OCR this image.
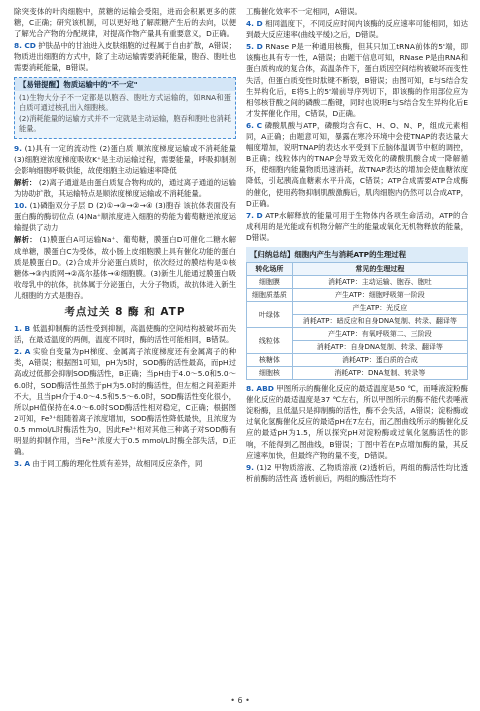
除突变体的叶肉细胞中，蔗糖的运输会受阻，进而会积累更多的蔗糖，C正确；研究该机制，可以更好地了解蔗糖产生后的去向，以便了解光合产物的分配规律，对提高作物产量具有重要意义，D正确。

8. CD 护肤品中的甘油进入皮肤细胞的过程属于自由扩散，A错误；物质进出细胞的方式中，除了主动运输需要消耗能量，胞吞、胞吐也需要消耗能量，B错误。

【易错提醒】物质运输中的"不一定"
(1)生物大分子不一定都是以胞吞、胞吐方式运输的，如RNA和蛋白质可通过核孔出入细胞核。
(2)消耗能量的运输方式并不一定就是主动运输，胞吞和胞吐也消耗能量。

9. (1)具有一定的流动性 (2)蛋白质 顺浓度梯度运输或不消耗能量 (3)细胞逆浓度梯度吸收K⁺是主动运输过程，需要能量，呼吸抑制剂会影响细胞呼吸供能，故使细胞主动运输速率降低

解析： (2)离子通道是由蛋白质复合物构成的，通过离子通道的运输为协助扩散，其运输特点是顺浓度梯度运输或不消耗能量。

10. (1)磷脂双分子层 D (2)①→③→②→④ (3)胞吞 该抗体表面没有蛋白酶的酶切位点 (4)Na⁺顺浓度进入细胞的势能为葡萄糖逆浓度运输提供了动力

解析： (1)膜蛋白A可运输Na⁺、葡萄糖，膜蛋白D可催化二糖水解成单糖，膜蛋白C为受体，故小肠上皮细胞膜上具有催化功能的蛋白质是膜蛋白D。(2)合成并分泌蛋白质时，依次经过的膜结构是①核糖体→③内质网→②高尔基体→④细胞膜。(3)新生儿能通过膜蛋白吸收母乳中的抗体，抗体属于分泌蛋白，大分子物质，故抗体进入新生儿细胞的方式是胞吞。

考点过关 8 酶 和 ATP

1. B 低温抑制酶的活性受到抑制，高温使酶的空间结构被破坏而失活，在最适温度的两侧，温度不同时，酶的活性可能相同，B错误。

2. A 实验自变量为pH梯度、金属离子浓度梯度还有金属离子的种类，A错误；根据图1可知，pH为5时，SOD酶的活性最高，而pH过高或过低都会抑制SOD酶活性，B正确；当pH由于4.0～5.0和5.0～6.0时，SOD酶活性虽然于pH为5.0时的酶活性，但左相之间差距并不大，且当pH介于4.0～4.5和5.5～6.0时，SOD酶活性变化很小，所以pH值保持在4.0～6.0时SOD酶活性相对稳定，C正确；根据图2可知，Fe³⁺组随着离子浓度增加，SOD酶活性降低最快，且浓度为0.5 mmol/L时酶活性为0，因此Fe³⁺相对其他三种离子对SOD酶有明显的抑制作用，当Fe³⁺浓度大于0.5 mmol/L时酶全部失活，D正确。

3. A 由于同工酶的理化性质有差异，故相同反应条件，同

工酶催化效率不一定相同，A错误。

4. D 相同温度下，不同反应时间内该酶的反应速率可能相同，如达到最大反应速率(曲线平缓)之后，D错误。

5. D RNase P是一种通用核酶，但其只加工tRNA前体的5'端，即该酶也具有专一性，A错误；由题干信息可知，RNase P是由RNA和蛋白质构成的复合体，高温条件下，蛋白质因空间结构被破坏而变性失活，但蛋白质变性时肽键不断裂，B错误；由图可知，E与S结合发生异构化后，E将S上的5'端前导序列切下，即该酶的作用部位应为相邻核苷酸之间的磷酸二酯键，同时也说明E与S结合发生异构化后E才发挥催化作用，C错误，D正确。

6. C 磷酸肌酸与ATP，磷酸均含有C、H、O、N、P，组成元素相同，A正确；由题意可知，暴露在寒冷环境中会使TNAP的表达量大幅度增加，说明TNAP的表达水平受到下丘脑体温调节中枢的调控，B正确；线粒体内的TNAP会导致无效化的磷酸肌酸合成一降解循环，使细胞内能量物质迅速消耗，故TNAP表达的增加会使血糖浓度降低，引起胰高血糖素水平升高，C错误；ATP合成需要ATP合成酶的催化，使用药物抑制肌酸激酶后，肌肉细胞内仍然可以合成ATP，D正确。

7. D ATP水解释放的能量可用于生物体内各项生命活动，ATP的合成利用的是光能或有机物分解产生的能量或氧化无机物释放的能量，D错误。

【归纳总结】细胞内产生与消耗ATP的生理过程
转化场所	常见的生理过程
细胞膜	消耗ATP：主动运输、胞吞、胞吐
细胞质基质	产生ATP：细胞呼吸第一阶段
叶绿体	产生ATP：光反应
	消耗ATP：暗反应和自身DNA复制、转录、翻译等
线粒体	产生ATP：有氧呼吸第二、三阶段
	消耗ATP：自身DNA复制、转录、翻译等
核糖体	消耗ATP：蛋白质的合成
细胞核	消耗ATP：DNA复制、转录等

8. ABD 甲图所示的酶催化反应的最适温度是50 ℃，而唾液淀粉酶催化反应的最适温度是37 ℃左右，所以甲图所示的酶不能代表唾液淀粉酶，且低温只是抑制酶的活性，酶不会失活，A错误；淀粉酶或过氧化氢酶催化反应的最适pH在7左右，而乙图曲线所示的酶催化反应的最适pH为1.5，所以探究pH对淀粉酶或过氧化氢酶活性的影响，不能得到乙图曲线，B错误；丁图中若在P点增加酶的量，其反应速率加快，但最终产物的量不变，D错误。

9. (1)2 甲物质溶液、乙物质溶液 (2)透析后，两组的酶活性均比透析前酶的活性高 透析前后，两组的酶活性均不

• 6 •
